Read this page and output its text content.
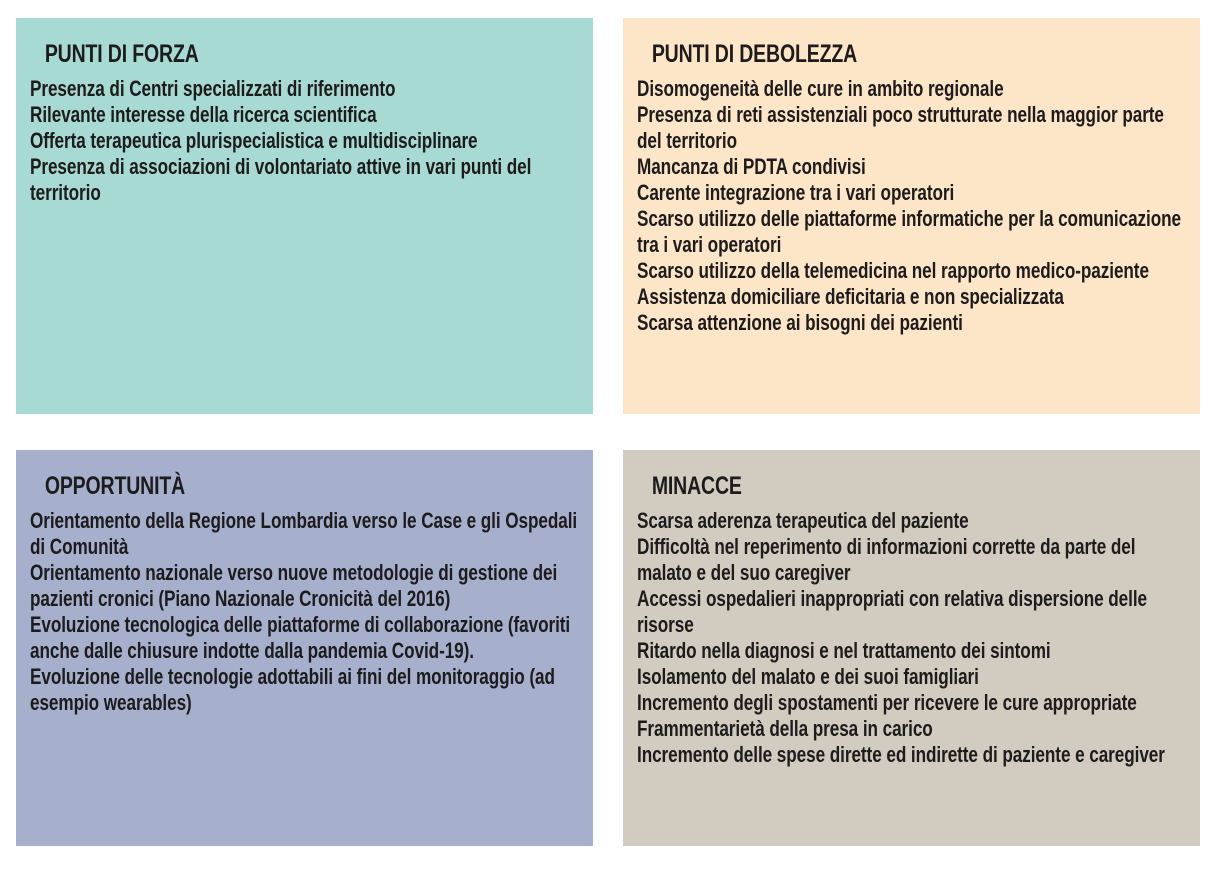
PUNTI DI FORZA

Presenza di Centri specializzati di riferimento

Rilevante interesse della ricerca scientifica

Offerta terapeutica plurispecialistica e multidisciplinare

Presenza di associazioni di volontariato attive in vari punti del territorio

PUNTI DI DEBOLEZZA

Disomogeneità delle cure in ambito regionale

Presenza di reti assistenziali poco strutturate nella maggior parte del territorio

Mancanza di PDTA condivisi

Carente integrazione tra i vari operatori

Scarso utilizzo delle piattaforme informatiche per la comunicazione tra i vari operatori

Scarso utilizzo della telemedicina nel rapporto medico-paziente

Assistenza domiciliare deficitaria e non specializzata

Scarsa attenzione ai bisogni dei pazienti

OPPORTUNITÀ

Orientamento della Regione Lombardia verso le Case e gli Ospedali di Comunità

Orientamento nazionale verso nuove metodologie di gestione dei pazienti cronici (Piano Nazionale Cronicità del 2016)

Evoluzione tecnologica delle piattaforme di collaborazione (favoriti anche dalle chiusure indotte dalla pandemia Covid-19).

Evoluzione delle tecnologie adottabili ai fini del monitoraggio (ad esempio wearables)

MINACCE

Scarsa aderenza terapeutica del paziente

Difficoltà nel reperimento di informazioni corrette da parte del malato e del suo caregiver

Accessi ospedalieri inappropriati con relativa dispersione delle risorse

Ritardo nella diagnosi e nel trattamento dei sintomi

Isolamento del malato e dei suoi famigliari

Incremento degli spostamenti per ricevere le cure appropriate

Frammentarietà della presa in carico

Incremento delle spese dirette ed indirette di paziente e caregiver
